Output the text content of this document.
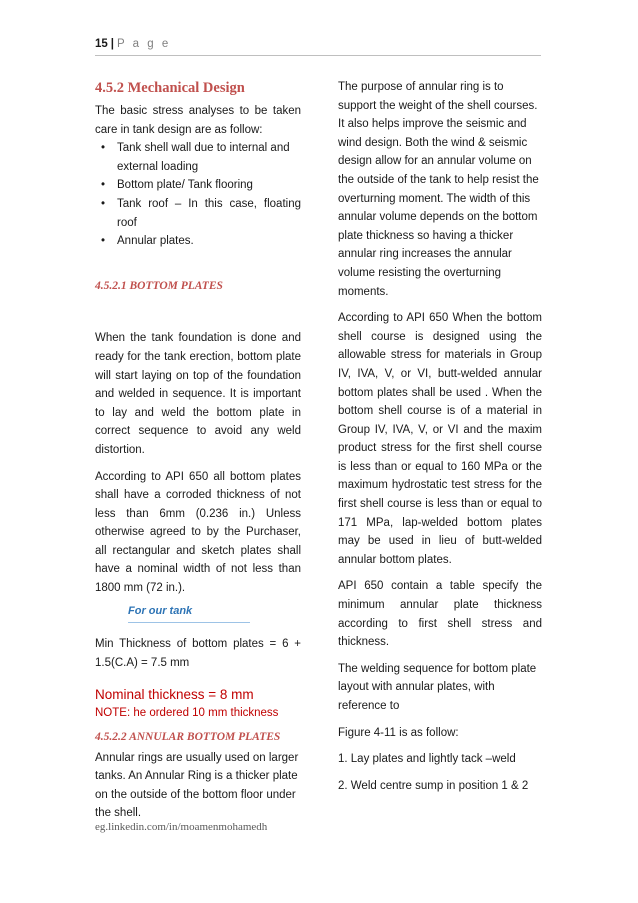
15 | P a g e
4.5.2 Mechanical Design

The basic stress analyses to be taken care in tank design are as follow:

• Tank shell wall due to internal and external loading
• Bottom plate/ Tank flooring
• Tank roof – In this case, floating roof
• Annular plates.
4.5.2.1 BOTTOM PLATES

When the tank foundation is done and ready for the tank erection, bottom plate will start laying on top of the foundation and welded in sequence. It is important to lay and weld the bottom plate in correct sequence to avoid any weld distortion.

According to API 650 all bottom plates shall have a corroded thickness of not less than 6mm (0.236 in.) Unless otherwise agreed to by the Purchaser, all rectangular and sketch plates shall have a nominal width of not less than 1800 mm (72 in.).

For our tank

Min Thickness of bottom plates = 6 + 1.5(C.A) = 7.5 mm

Nominal thickness = 8 mm

NOTE: he ordered 10 mm thickness

4.5.2.2 ANNULAR BOTTOM PLATES

Annular rings are usually used on larger tanks. An Annular Ring is a thicker plate on the outside of the bottom floor under the shell.

The purpose of annular ring is to support the weight of the shell courses. It also helps improve the seismic and wind design. Both the wind & seismic design allow for an annular volume on the outside of the tank to help resist the overturning moment. The width of this annular volume depends on the bottom plate thickness so having a thicker annular ring increases the annular volume resisting the overturning moments.

According to API 650 When the bottom shell course is designed using the allowable stress for materials in Group IV, IVA, V, or VI, butt-welded annular bottom plates shall be used . When the bottom shell course is of a material in Group IV, IVA, V, or VI and the maxim product stress for the first shell course is less than or equal to 160 MPa or the maximum hydrostatic test stress for the first shell course is less than or equal to 171 MPa, lap-welded bottom plates may be used in lieu of butt-welded annular bottom plates.

API 650 contain a table specify the minimum annular plate thickness according to first shell stress and thickness.

The welding sequence for bottom plate layout with annular plates, with reference to

Figure 4-11 is as follow:

1. Lay plates and lightly tack –weld

2. Weld centre sump in position 1 & 2

eg.linkedin.com/in/moamenmohamedh
